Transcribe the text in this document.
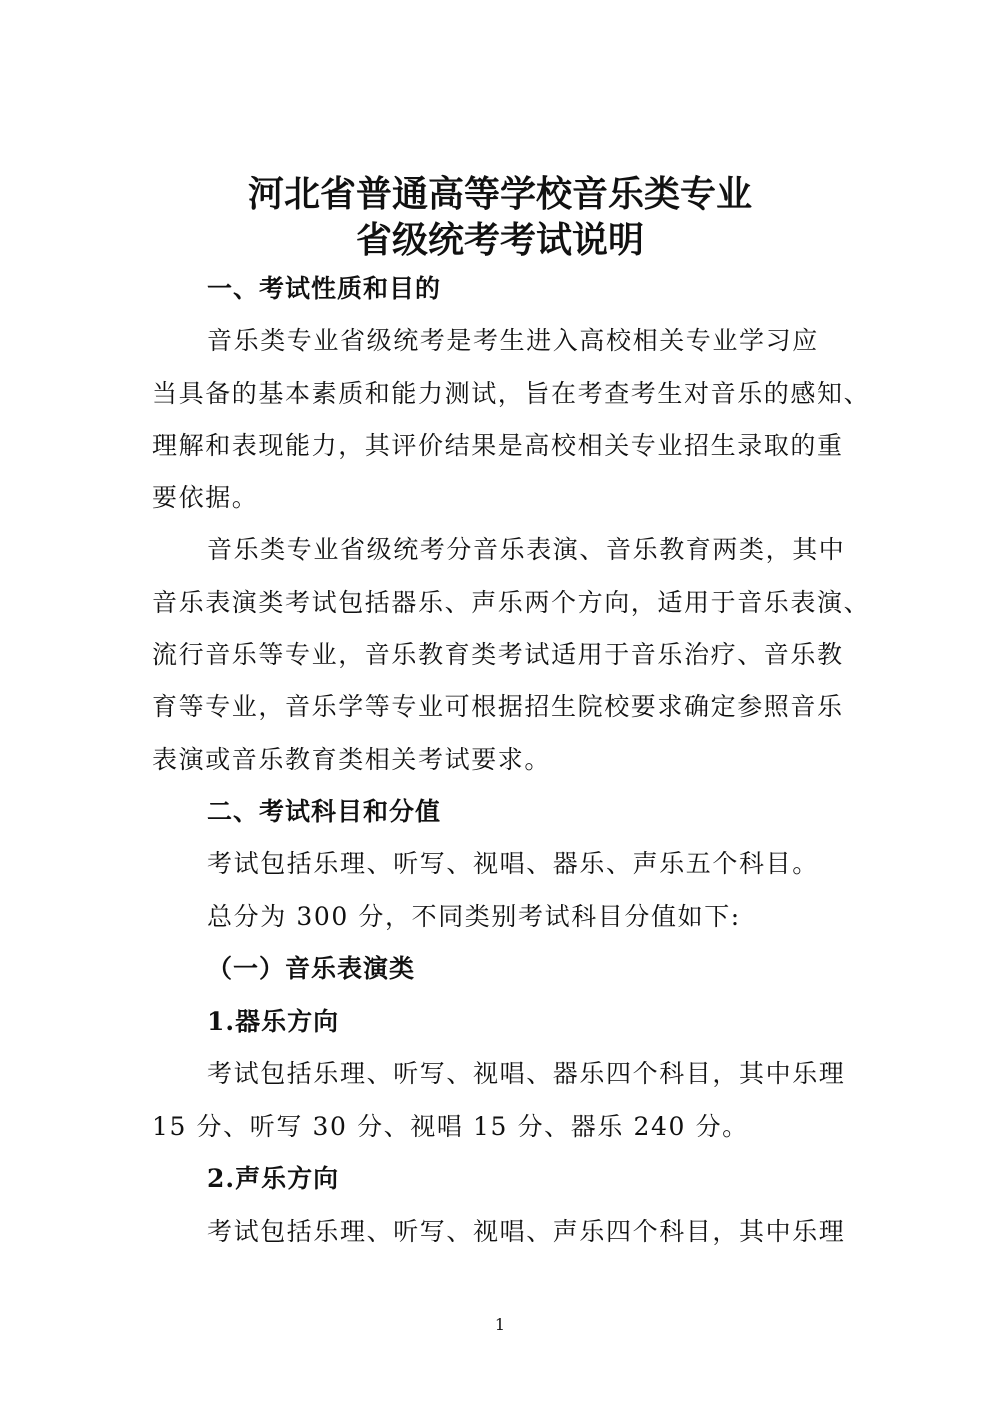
河北省普通高等学校音乐类专业
省级统考考试说明
一、考试性质和目的
音乐类专业省级统考是考生进入高校相关专业学习应
当具备的基本素质和能力测试，旨在考查考生对音乐的感知、
理解和表现能力，其评价结果是高校相关专业招生录取的重
要依据。
音乐类专业省级统考分音乐表演、音乐教育两类，其中
音乐表演类考试包括器乐、声乐两个方向，适用于音乐表演、
流行音乐等专业，音乐教育类考试适用于音乐治疗、音乐教
育等专业，音乐学等专业可根据招生院校要求确定参照音乐
表演或音乐教育类相关考试要求。
二、考试科目和分值
考试包括乐理、听写、视唱、器乐、声乐五个科目。
总分为 300 分，不同类别考试科目分值如下:
（一）音乐表演类
1.器乐方向
考试包括乐理、听写、视唱、器乐四个科目，其中乐理
15 分、听写 30 分、视唱 15 分、器乐 240 分。
2.声乐方向
考试包括乐理、听写、视唱、声乐四个科目，其中乐理
1
